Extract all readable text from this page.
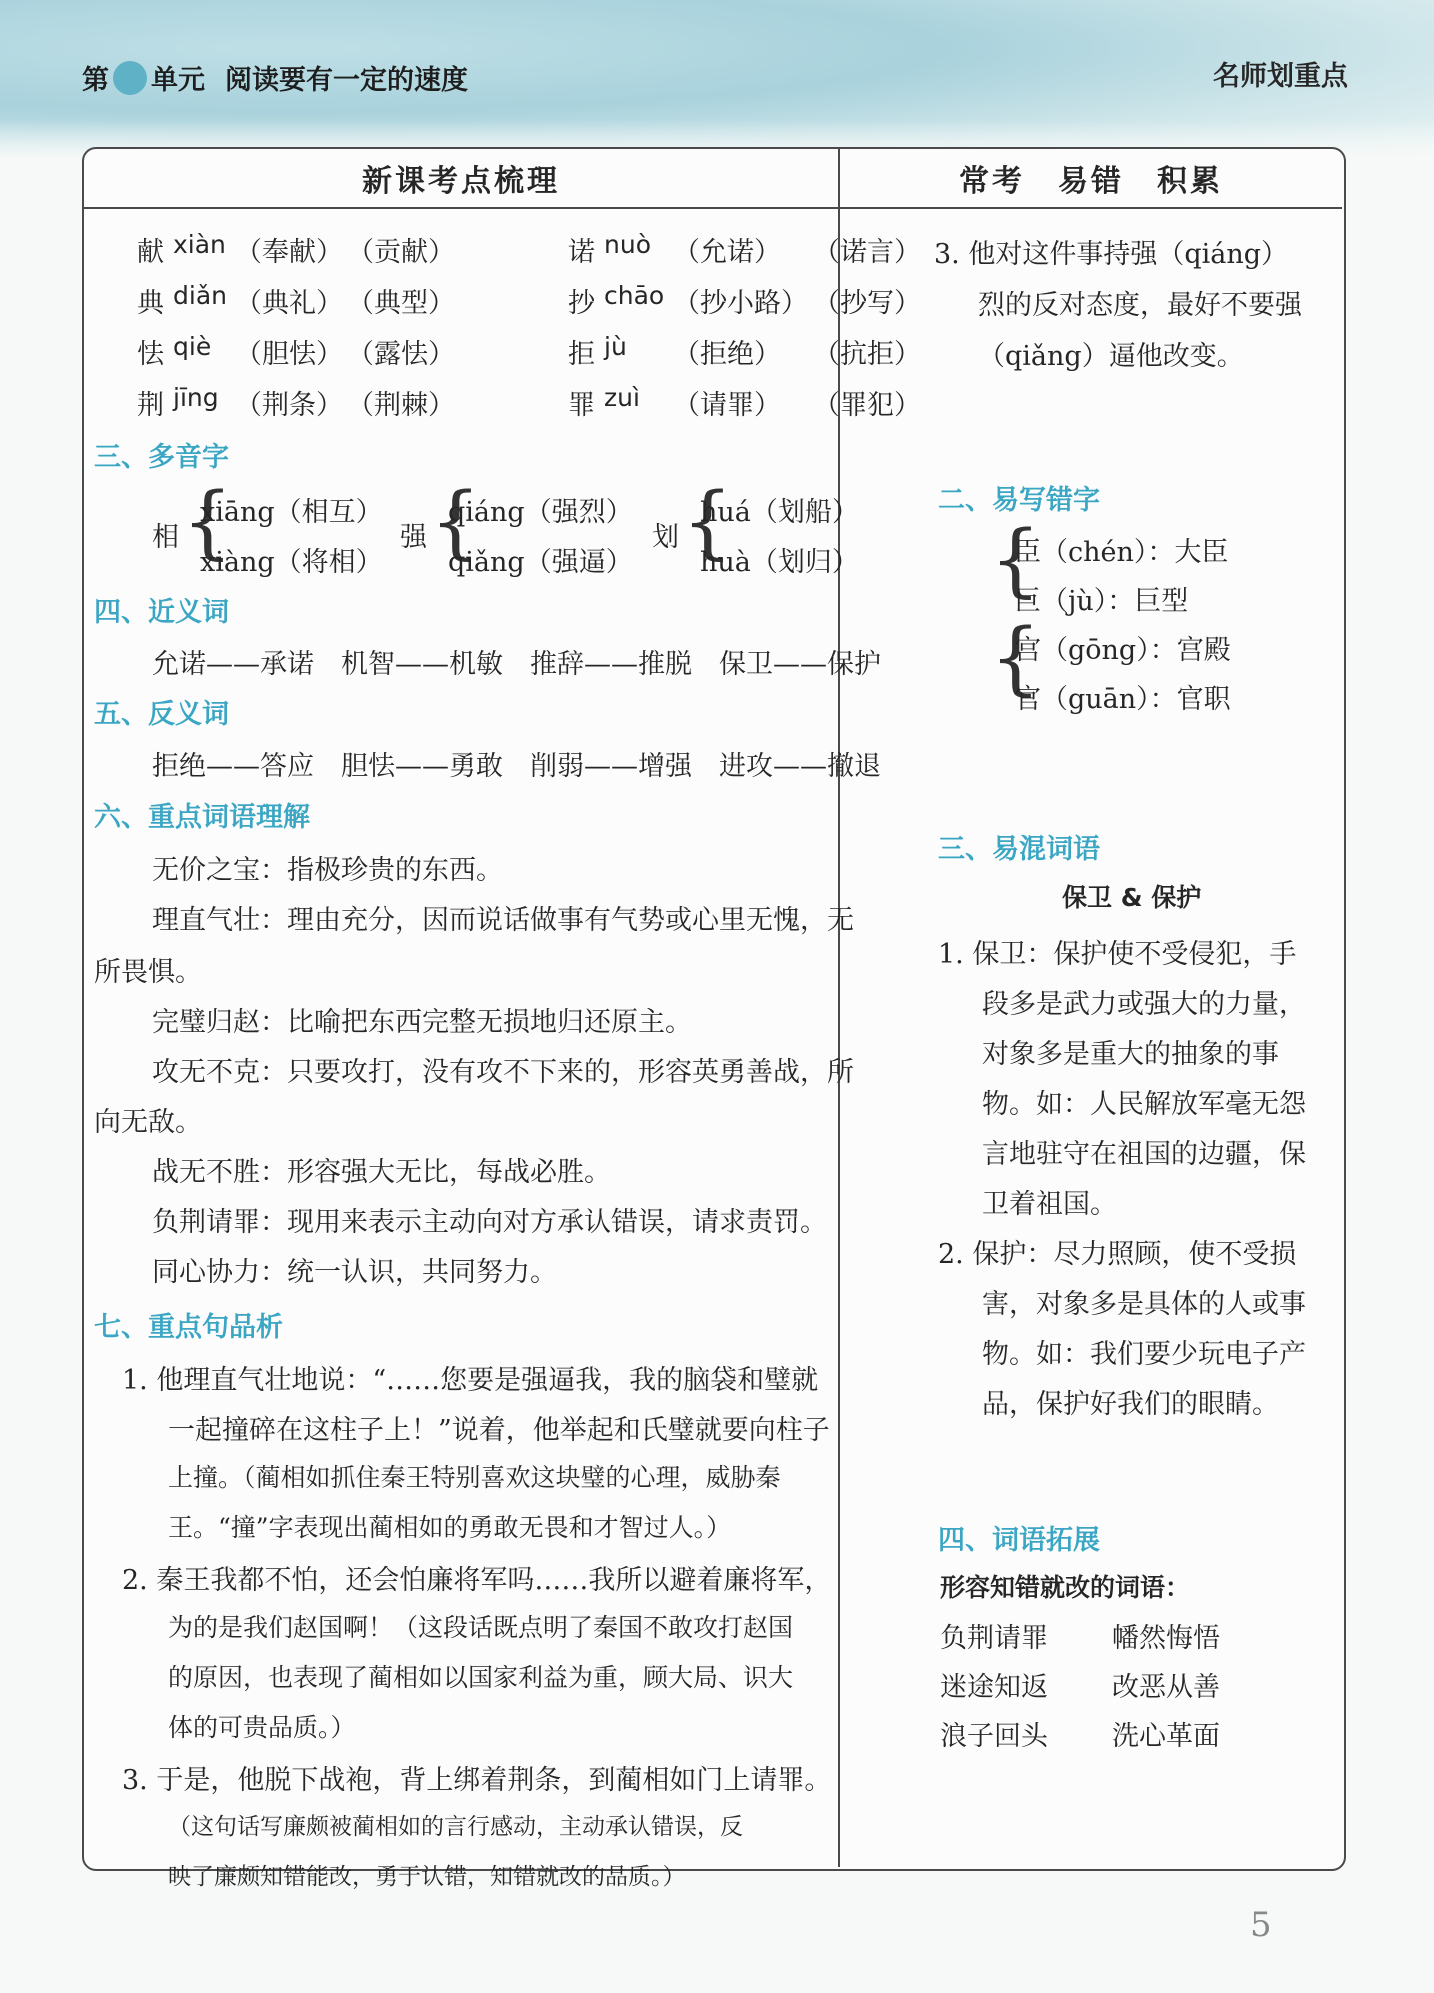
第 单元 阅读要有一定的速度	名师划重点
新课考点梳理	常考　易错　积累
献 xiàn （奉献） （贡献）	诺 nuò （允诺） （诺言）
典 diǎn （典礼） （典型）	抄 chāo （抄小路） （抄写）
怯 qiè （胆怯） （露怯）	拒 jù （拒绝） （抗拒）
荆 jīng （荆条） （荆棘）	罪 zuì （请罪） （罪犯）
三、多音字
相 {
xiāng（相互）
xiàng（将相）
强 {
qiáng（强烈）
qiǎng（强逼）
划 {
huá（划船）
huà（划归）
四、近义词
允诺——承诺　机智——机敏　推辞——推脱　保卫——保护
五、反义词
拒绝——答应　胆怯——勇敢　削弱——增强　进攻——撤退
六、重点词语理解
无价之宝：指极珍贵的东西。
理直气壮：理由充分，因而说话做事有气势或心里无愧，无
所畏惧。
完璧归赵：比喻把东西完整无损地归还原主。
攻无不克：只要攻打，没有攻不下来的，形容英勇善战，所
向无敌。
战无不胜：形容强大无比，每战必胜。
负荆请罪：现用来表示主动向对方承认错误，请求责罚。
同心协力：统一认识，共同努力。
七、重点句品析
1. 他理直气壮地说：“……您要是强逼我，我的脑袋和璧就
一起撞碎在这柱子上！”说着，他举起和氏璧就要向柱子
上撞。（蔺相如抓住秦王特别喜欢这块璧的心理，威胁秦
王。“撞”字表现出蔺相如的勇敢无畏和才智过人。）
2. 秦王我都不怕，还会怕廉将军吗……我所以避着廉将军，
为的是我们赵国啊！（这段话既点明了秦国不敢攻打赵国
的原因，也表现了蔺相如以国家利益为重，顾大局、识大
体的可贵品质。）
3. 于是，他脱下战袍，背上绑着荆条，到蔺相如门上请罪。
（这句话写廉颇被蔺相如的言行感动，主动承认错误，反
映了廉颇知错能改，勇于认错，知错就改的品质。）
3. 他对这件事持强（qiáng）
烈的反对态度，最好不要强
（qiǎng）逼他改变。
二、易写错字
{
{
臣（chén）：大臣
巨（jù）：巨型
宫（gōng）：宫殿
官（guān）：官职
三、易混词语
保卫 & 保护
1. 保卫：保护使不受侵犯，手
段多是武力或强大的力量，
对象多是重大的抽象的事
物。如：人民解放军毫无怨
言地驻守在祖国的边疆，保
卫着祖国。
2. 保护：尽力照顾，使不受损
害，对象多是具体的人或事
物。如：我们要少玩电子产
品，保护好我们的眼睛。
四、词语拓展
形容知错就改的词语：
负荆请罪 幡然悔悟
迷途知返 改恶从善
浪子回头 洗心革面
5
